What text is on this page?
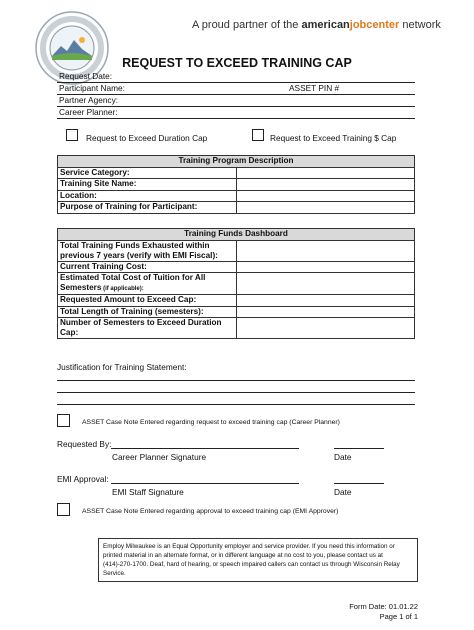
A proud partner of the americanjobcenter network
REQUEST TO EXCEED TRAINING CAP
Request Date:
Participant Name:	ASSET PIN #
Partner Agency:
Career Planner:
Request to Exceed Duration Cap	Request to Exceed Training $ Cap
Training Program Description	
Service Category:	
Training Site Name:	
Location:	
Purpose of Training for Participant:	
Training Funds Dashboard	

Total Training Funds Exhausted within
previous 7 years (verify with EMI Fiscal):	

Current Training Cost:	

Estimated Total Cost of Tuition for All
Semesters (if applicable):	

Requested Amount to Exceed Cap:	
Total Length of Training (semesters):	

Number of Semesters to Exceed Duration
Cap:	

Justification for Training Statement:
ASSET Case Note Entered regarding request to exceed training cap (Career Planner)
Requested By:
Career Planner Signature	Date
EMI Approval:
EMI Staff Signature	Date
ASSET Case Note Entered regarding approval to exceed training cap (EMI Approver)
Employ Milwaukee is an Equal Opportunity employer and service provider. If you need this information or printed material in an alternate format, or in different language at no cost to you, please contact us at (414)-270-1700. Deaf, hard of hearing, or speech impaired callers can contact us through Wisconsin Relay Service.
Form Date: 01.01.22
Page 1 of 1
